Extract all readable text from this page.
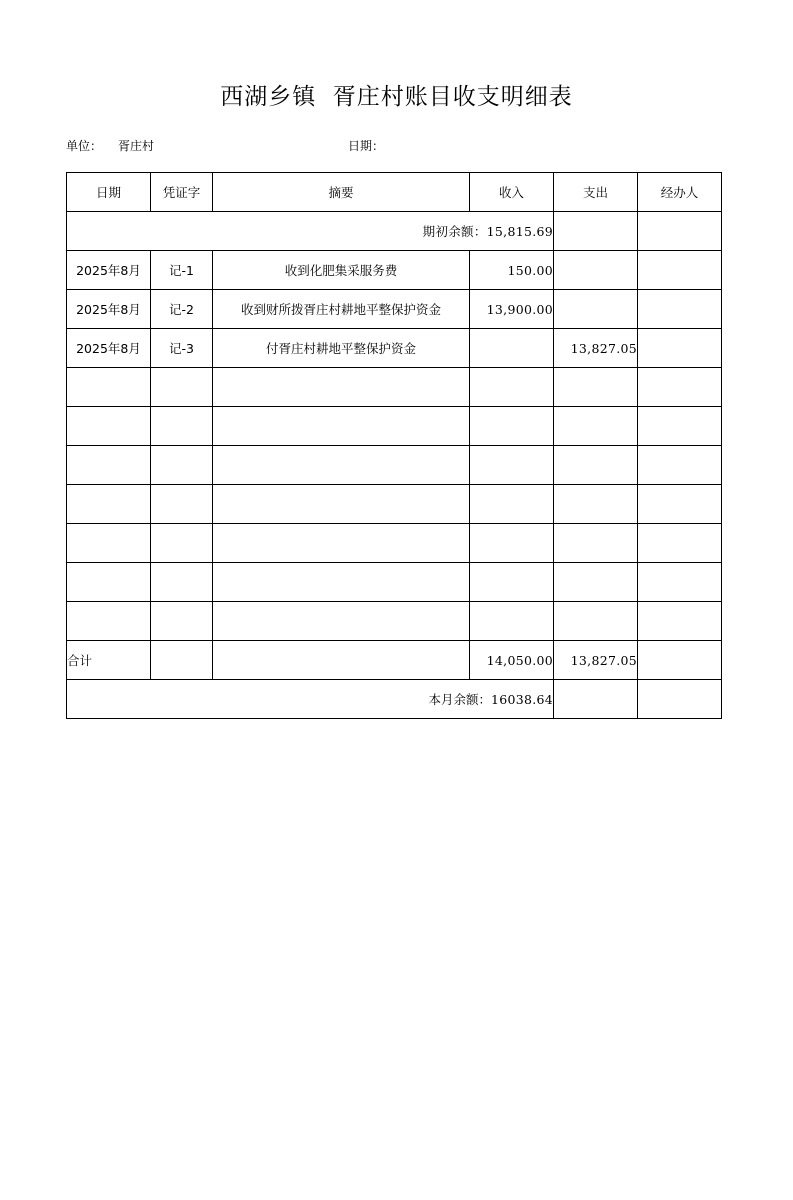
西湖乡镇  胥庄村账目收支明细表
单位： 胥庄村	日期：
日期	凭证字	摘要	收入	支出	经办人
期初余额：15,815.69					
2025年8月	记-1	收到化肥集采服务费	150.00		
2025年8月	记-2	收到财所拨胥庄村耕地平整保护资金	13,900.00		
2025年8月	记-3	付胥庄村耕地平整保护资金		13,827.05	

合计			14,050.00	13,827.05	
本月余额：16038.64					
